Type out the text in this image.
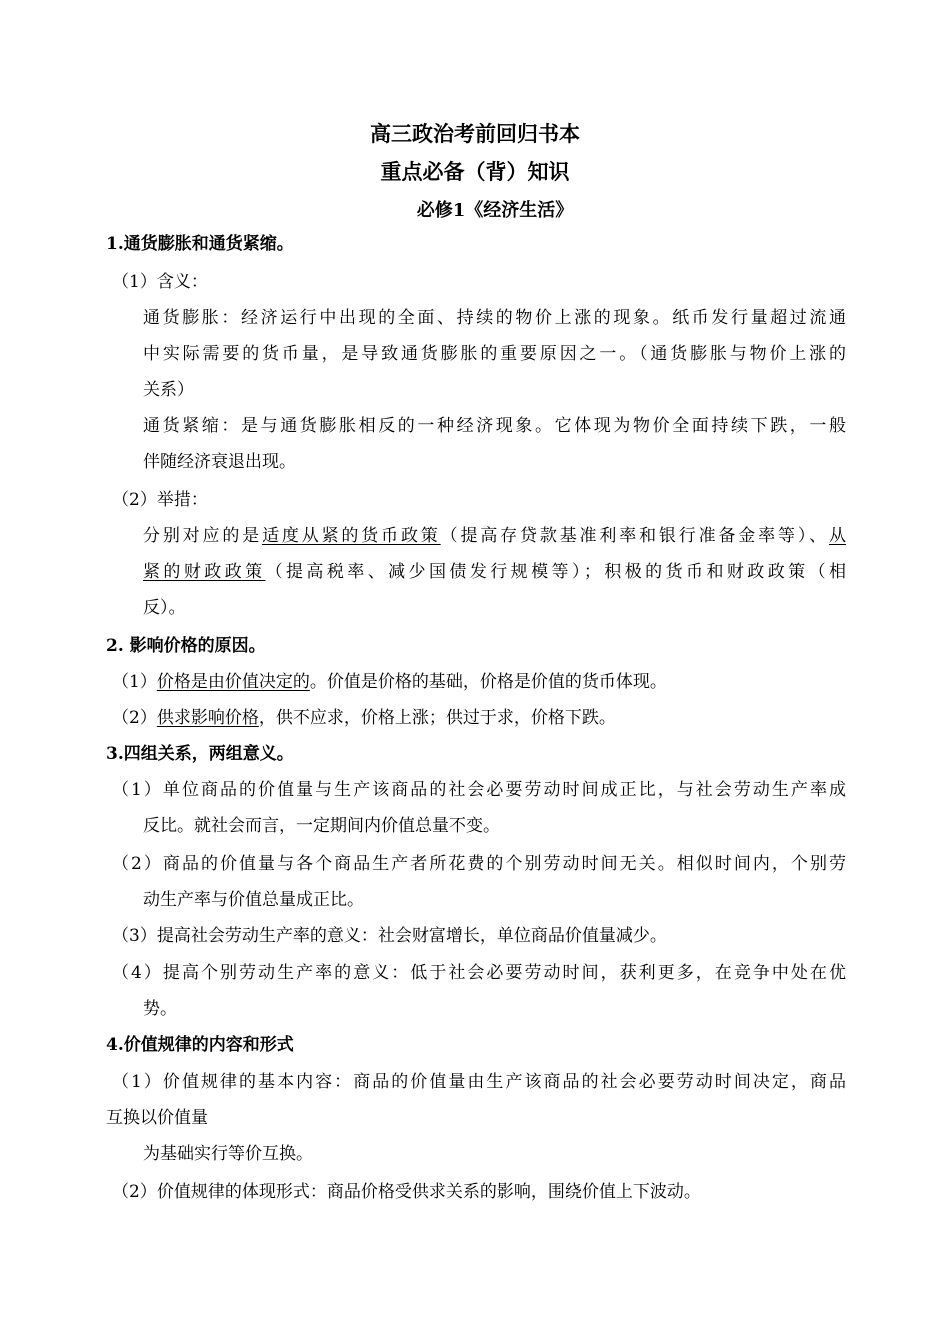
高三政治考前回归书本
重点必备（背）知识
必修1《经济生活》
1.通货膨胀和通货紧缩。
（1）含义：
通货膨胀：经济运行中出现的全面、持续的物价上涨的现象。纸币发行量超过流通
中实际需要的货币量，是导致通货膨胀的重要原因之一。（通货膨胀与物价上涨的
关系）
通货紧缩：是与通货膨胀相反的一种经济现象。它体现为物价全面持续下跌，一般
伴随经济衰退出现。
（2）举措：
分别对应的是适度从紧的货币政策（提高存贷款基准利率和银行准备金率等）、从
紧的财政政策（提高税率、减少国债发行规模等）；积极的货币和财政政策（相
反）。
2. 影响价格的原因。
（1）价格是由价值决定的。价值是价格的基础，价格是价值的货币体现。
（2）供求影响价格，供不应求，价格上涨；供过于求，价格下跌。
3.四组关系，两组意义。
（1）单位商品的价值量与生产该商品的社会必要劳动时间成正比，与社会劳动生产率成
反比。就社会而言，一定期间内价值总量不变。
（2）商品的价值量与各个商品生产者所花费的个别劳动时间无关。相似时间内，个别劳
动生产率与价值总量成正比。
（3）提高社会劳动生产率的意义：社会财富增长，单位商品价值量减少。
（4）提高个别劳动生产率的意义：低于社会必要劳动时间，获利更多，在竞争中处在优
势。
4.价值规律的内容和形式
（1）价值规律的基本内容：商品的价值量由生产该商品的社会必要劳动时间决定，商品
互换以价值量
为基础实行等价互换。
（2）价值规律的体现形式：商品价格受供求关系的影响，围绕价值上下波动。
